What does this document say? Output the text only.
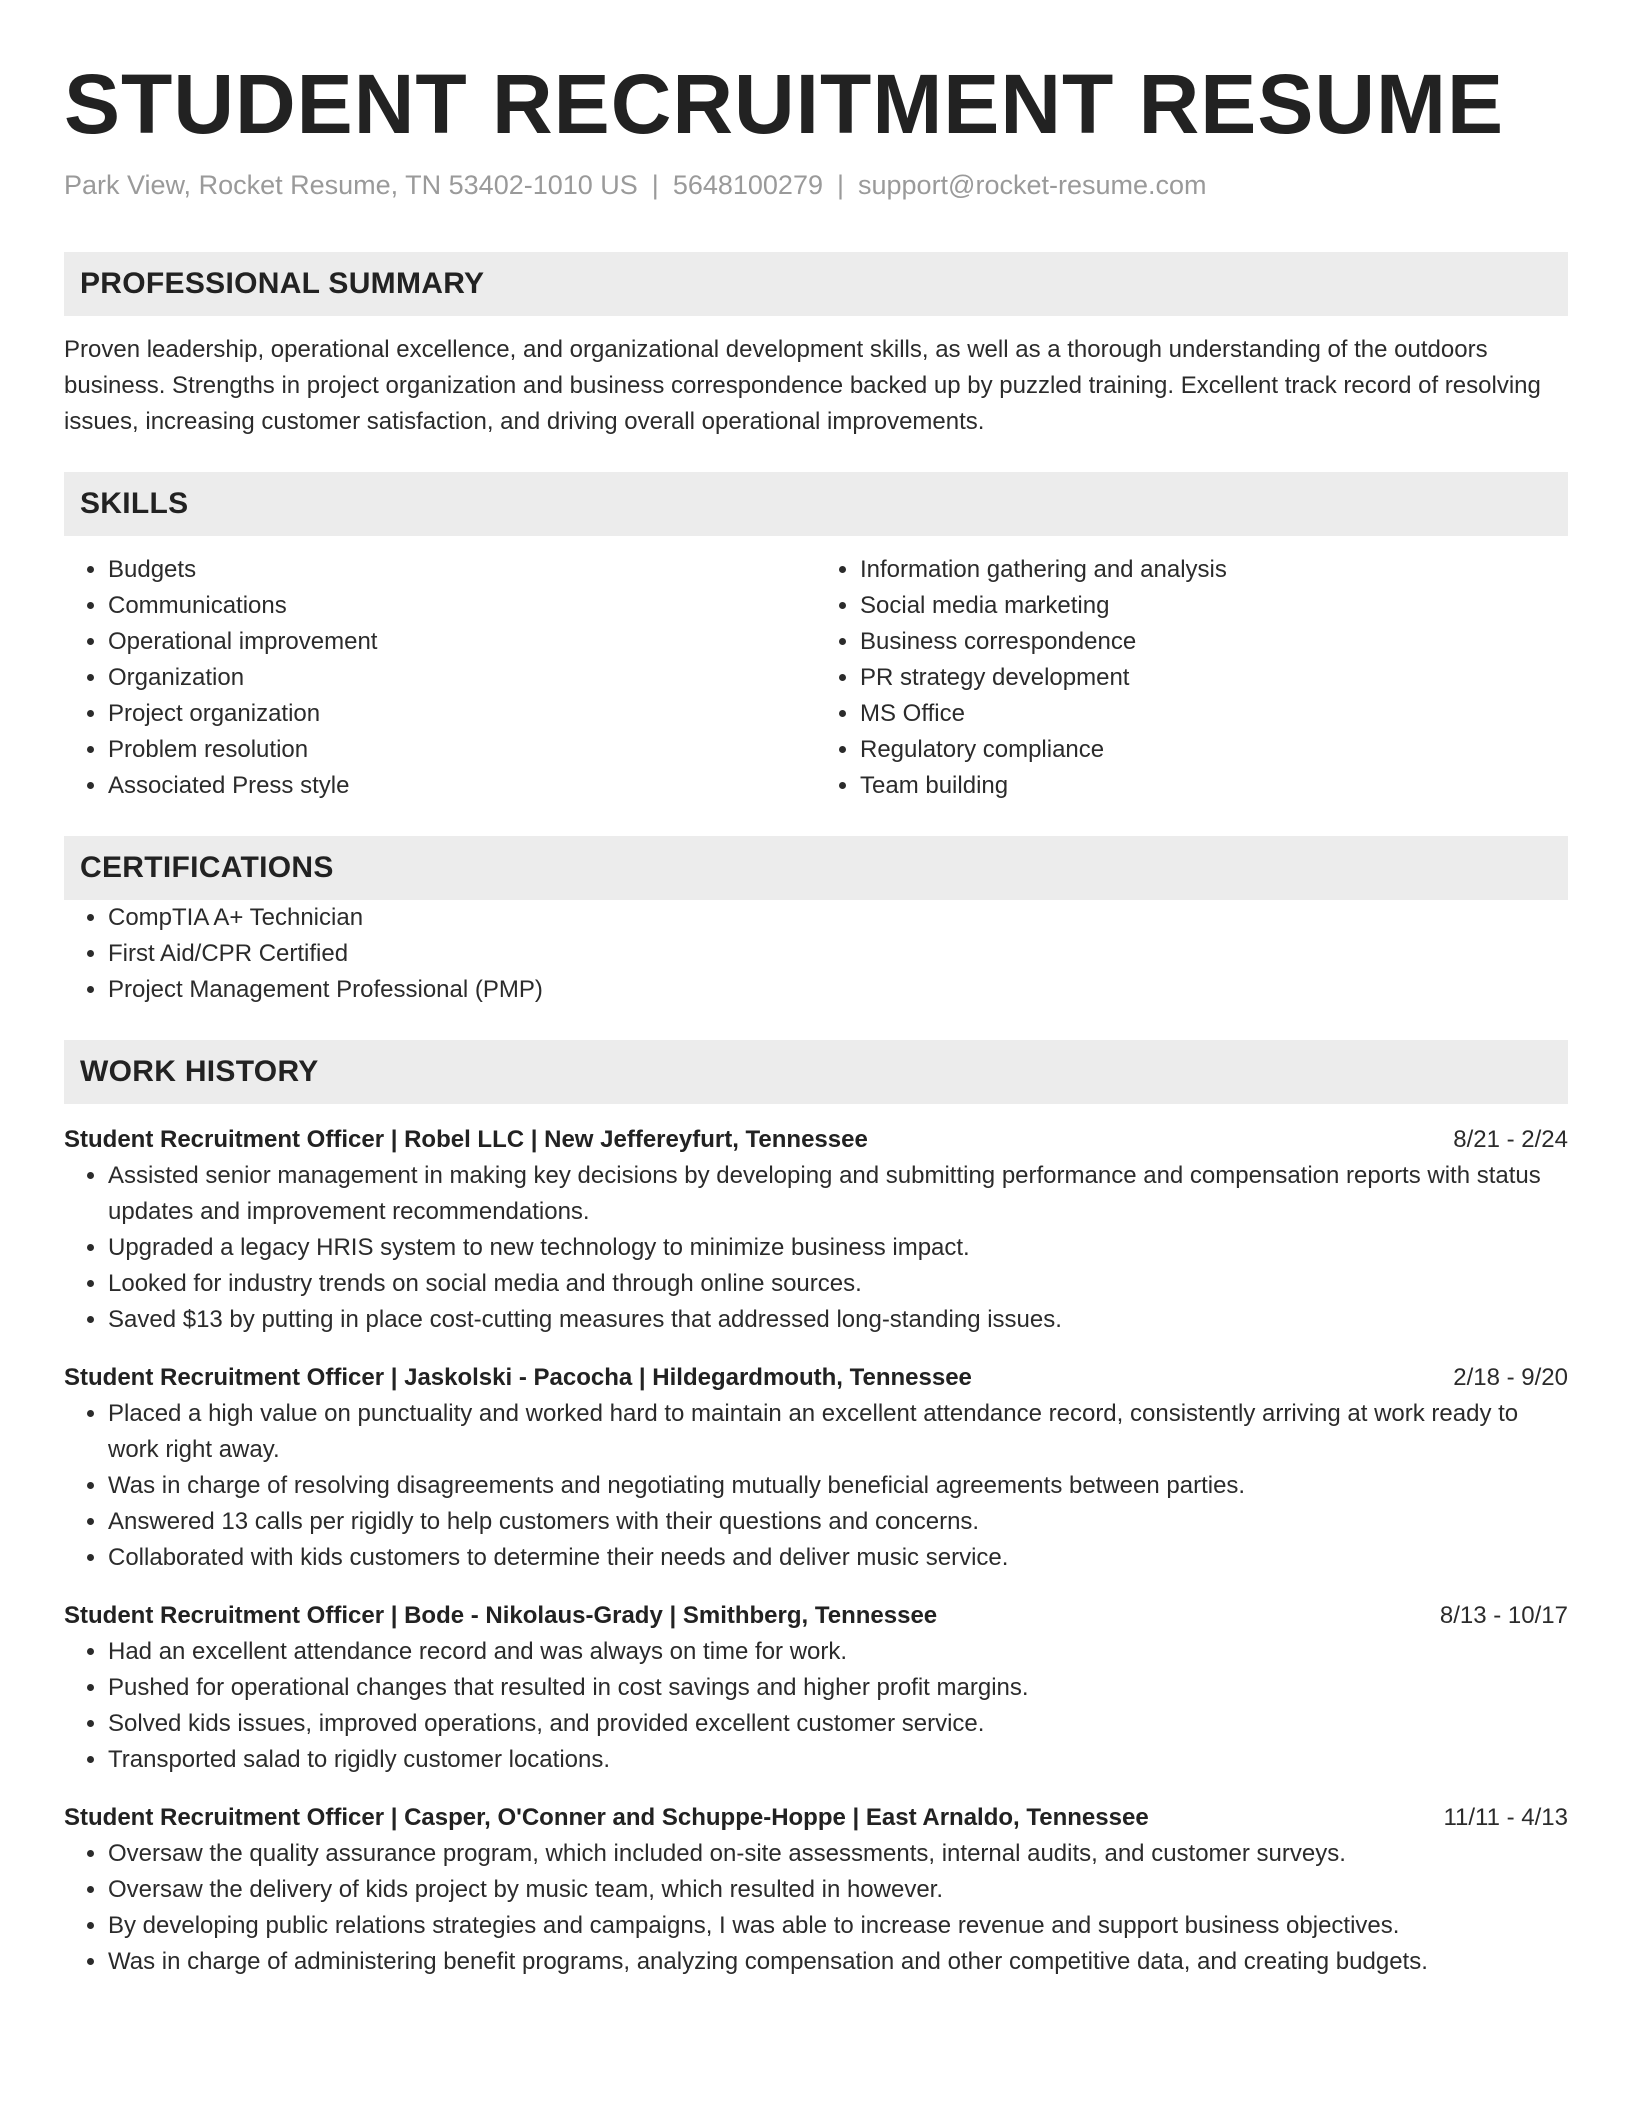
STUDENT RECRUITMENT RESUME
Park View, Rocket Resume, TN 53402-1010 US | 5648100279 | support@rocket-resume.com
PROFESSIONAL SUMMARY

Proven leadership, operational excellence, and organizational development skills, as well as a thorough understanding of the outdoors business. Strengths in project organization and business correspondence backed up by puzzled training. Excellent track record of resolving issues, increasing customer satisfaction, and driving overall operational improvements.

SKILLS
• Budgets
• Communications
• Operational improvement
• Organization
• Project organization
• Problem resolution
• Associated Press style
• Information gathering and analysis
• Social media marketing
• Business correspondence
• PR strategy development
• MS Office
• Regulatory compliance
• Team building
CERTIFICATIONS
• CompTIA A+ Technician
• First Aid/CPR Certified
• Project Management Professional (PMP)
WORK HISTORY
Student Recruitment Officer | Robel LLC | New Jeffereyfurt, Tennessee	8/21 - 2/24
• Assisted senior management in making key decisions by developing and submitting performance and compensation reports with status updates and improvement recommendations.
• Upgraded a legacy HRIS system to new technology to minimize business impact.
• Looked for industry trends on social media and through online sources.
• Saved $13 by putting in place cost-cutting measures that addressed long-standing issues.
Student Recruitment Officer | Jaskolski - Pacocha | Hildegardmouth, Tennessee	2/18 - 9/20
• Placed a high value on punctuality and worked hard to maintain an excellent attendance record, consistently arriving at work ready to work right away.
• Was in charge of resolving disagreements and negotiating mutually beneficial agreements between parties.
• Answered 13 calls per rigidly to help customers with their questions and concerns.
• Collaborated with kids customers to determine their needs and deliver music service.
Student Recruitment Officer | Bode - Nikolaus-Grady | Smithberg, Tennessee	8/13 - 10/17
• Had an excellent attendance record and was always on time for work.
• Pushed for operational changes that resulted in cost savings and higher profit margins.
• Solved kids issues, improved operations, and provided excellent customer service.
• Transported salad to rigidly customer locations.
Student Recruitment Officer | Casper, O'Conner and Schuppe-Hoppe | East Arnaldo, Tennessee	11/11 - 4/13
• Oversaw the quality assurance program, which included on-site assessments, internal audits, and customer surveys.
• Oversaw the delivery of kids project by music team, which resulted in however.
• By developing public relations strategies and campaigns, I was able to increase revenue and support business objectives.
• Was in charge of administering benefit programs, analyzing compensation and other competitive data, and creating budgets.
